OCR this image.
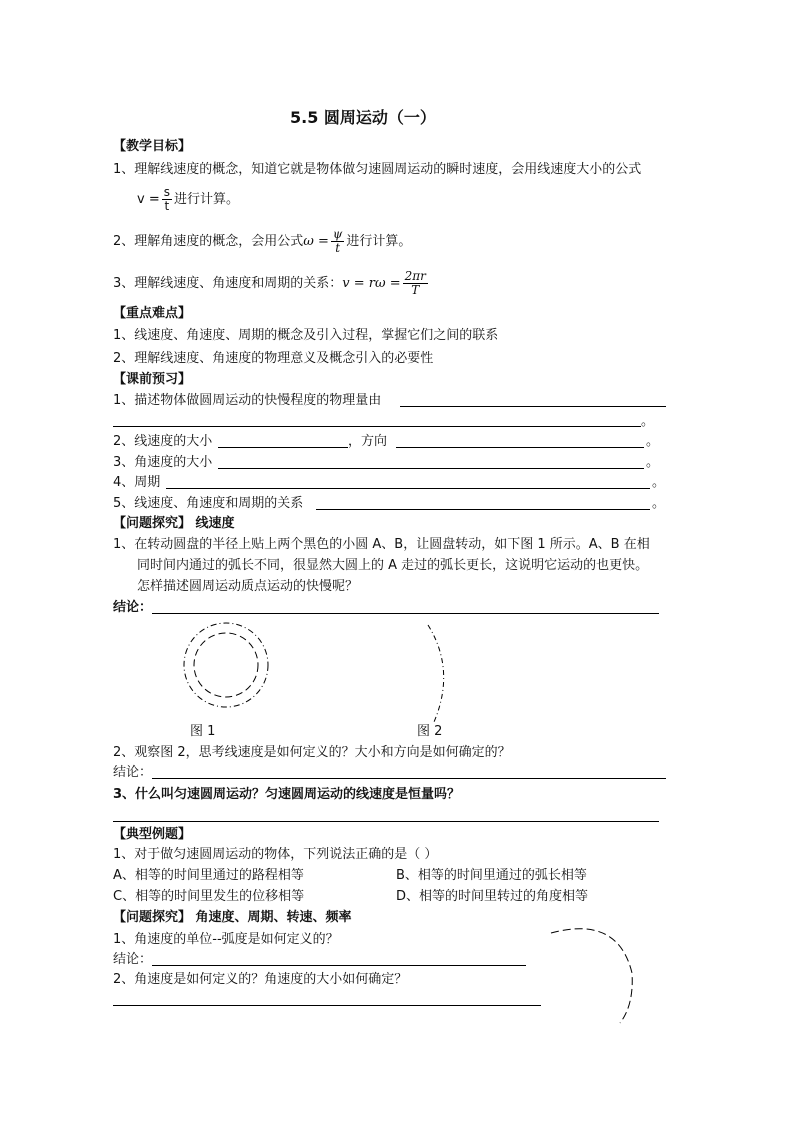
5.5 圆周运动（一）
【教学目标】
1、理解线速度的概念，知道它就是物体做匀速圆周运动的瞬时速度，会用线速度大小的公式
$v = \frac{s}{t}$ 进行计算。
2、理解角速度的概念，会用公式$\omega = \frac{\psi}{t}$ 进行计算。
3、理解线速度、角速度和周期的关系：$v = r\omega = \frac{2\pi r}{T}$
【重点难点】
1、线速度、角速度、周期的概念及引入过程，掌握它们之间的联系
2、理解线速度、角速度的物理意义及概念引入的必要性
【课前预习】
1、描述物体做圆周运动的快慢程度的物理量由
。
2、线速度的大小	，方向	。
3、角速度的大小	。
4、周期	。
5、线速度、角速度和周期的关系	。
【问题探究】 线速度
1、在转动圆盘的半径上贴上两个黑色的小圆 A、B，让圆盘转动，如下图 1 所示。A、B 在相
同时间内通过的弧长不同，很显然大圆上的 A 走过的弧长更长，这说明它运动的也更快。
怎样描述圆周运动质点运动的快慢呢？
结论：
图 1	图 2
2、观察图 2，思考线速度是如何定义的？大小和方向是如何确定的？
结论：
3、什么叫匀速圆周运动？匀速圆周运动的线速度是恒量吗？
【典型例题】
1、对于做匀速圆周运动的物体，下列说法正确的是（ ）
A、相等的时间里通过的路程相等	B、相等的时间里通过的弧长相等
C、相等的时间里发生的位移相等	D、相等的时间里转过的角度相等
【问题探究】 角速度、周期、转速、频率
1、角速度的单位--弧度是如何定义的？
结论：
2、角速度是如何定义的？角速度的大小如何确定？
